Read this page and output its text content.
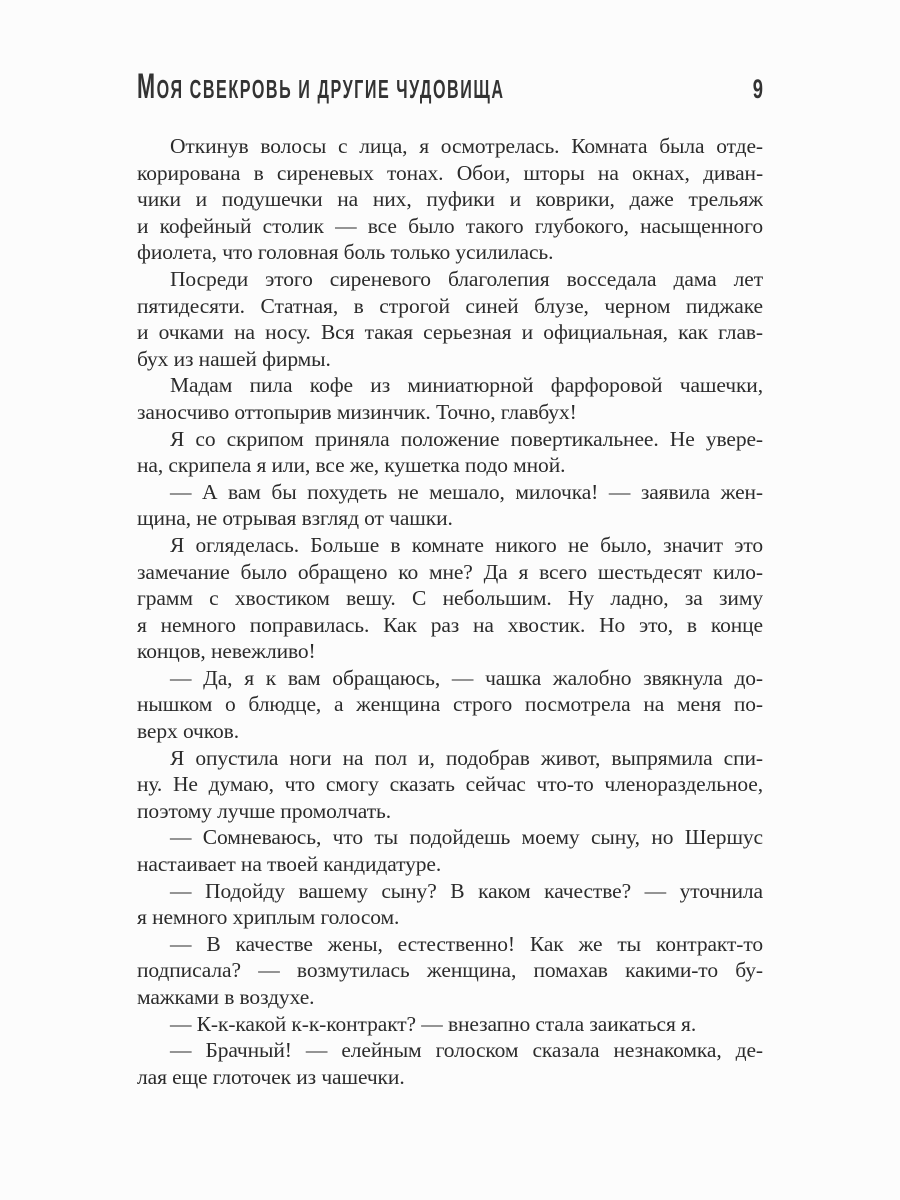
МОЯ СВЕКРОВЬ И ДРУГИЕ ЧУДОВИЩА	9
Откинув волосы с лица, я осмотрелась. Комната была отде-
корирована в сиреневых тонах. Обои, шторы на окнах, диван-
чики и подушечки на них, пуфики и коврики, даже трельяж
и кофейный столик — все было такого глубокого, насыщенного
фиолета, что головная боль только усилилась.
Посреди этого сиреневого благолепия восседала дама лет
пятидесяти. Статная, в строгой синей блузе, черном пиджаке
и очками на носу. Вся такая серьезная и официальная, как глав-
бух из нашей фирмы.
Мадам пила кофе из миниатюрной фарфоровой чашечки,
заносчиво оттопырив мизинчик. Точно, главбух!
Я со скрипом приняла положение повертикальнее. Не увере-
на, скрипела я или, все же, кушетка подо мной.
— А вам бы похудеть не мешало, милочка! — заявила жен-
щина, не отрывая взгляд от чашки.
Я огляделась. Больше в комнате никого не было, значит это
замечание было обращено ко мне? Да я всего шестьдесят кило-
грамм с хвостиком вешу. С небольшим. Ну ладно, за зиму
я немного поправилась. Как раз на хвостик. Но это, в конце
концов, невежливо!
— Да, я к вам обращаюсь, — чашка жалобно звякнула до-
нышком о блюдце, а женщина строго посмотрела на меня по-
верх очков.
Я опустила ноги на пол и, подобрав живот, выпрямила спи-
ну. Не думаю, что смогу сказать сейчас что-то членораздельное,
поэтому лучше промолчать.
— Сомневаюсь, что ты подойдешь моему сыну, но Шершус
настаивает на твоей кандидатуре.
— Подойду вашему сыну? В каком качестве? — уточнила
я немного хриплым голосом.
— В качестве жены, естественно! Как же ты контракт-то
подписала? — возмутилась женщина, помахав какими-то бу-
мажками в воздухе.
— К-к-какой к-к-контракт? — внезапно стала заикаться я.
— Брачный! — елейным голоском сказала незнакомка, де-
лая еще глоточек из чашечки.
